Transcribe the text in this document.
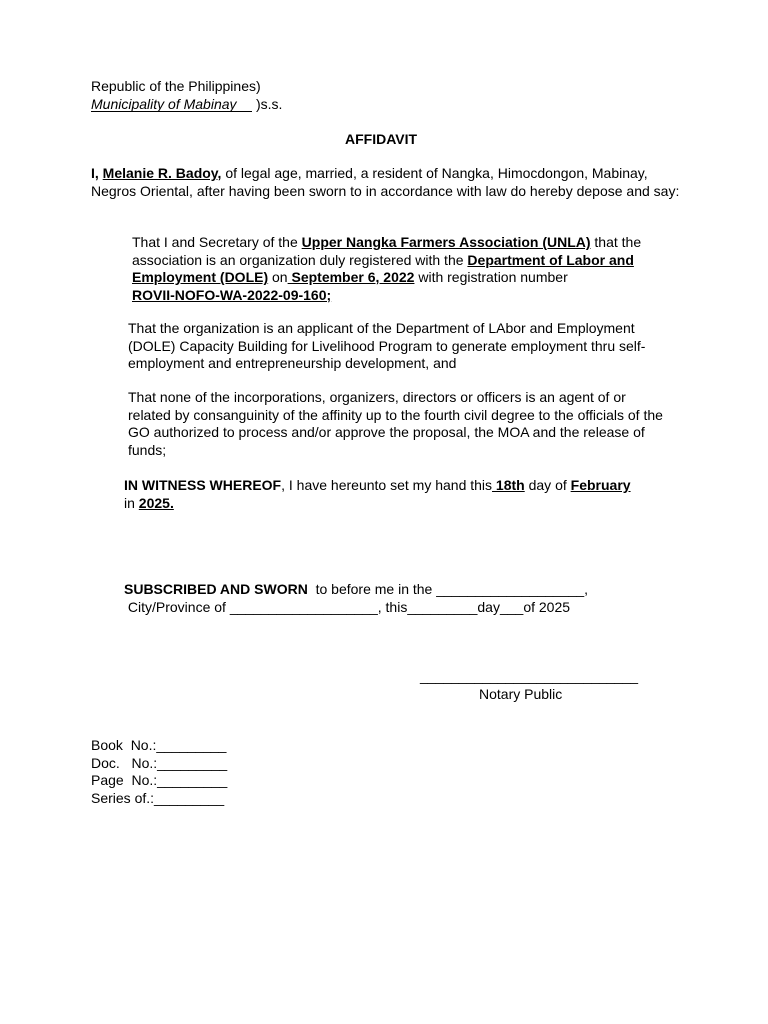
Republic of the Philippines)
Municipality of Mabinay     )s.s.
AFFIDAVIT
I, Melanie R. Badoy, of legal age, married, a resident of Nangka, Himocdongon, Mabinay, Negros Oriental, after having been sworn to in accordance with law do hereby depose and say:
That I and Secretary of the Upper Nangka Farmers Association (UNLA) that the association is an organization duly registered with the Department of Labor and Employment (DOLE) on September 6, 2022 with registration number
ROVII-NOFO-WA-2022-09-160;
That the organization is an applicant of the Department of LAbor and Employment (DOLE) Capacity Building for Livelihood Program to generate employment thru self-employment and entrepreneurship development, and
That none of the incorporations, organizers, directors or officers is an agent of or related by consanguinity of the affinity up to the fourth civil degree to the officials of the GO authorized to process and/or approve the proposal, the MOA and the release of funds;
IN WITNESS WHEREOF, I have hereunto set my hand this 18th day of February
in 2025.
SUBSCRIBED AND SWORN  to before me in the ___________________,
City/Province of ___________________, this_________day___of 2025
____________________________
Notary Public
Book  No.:_________
Doc.   No.:_________
Page  No.:_________
Series of.:_________
